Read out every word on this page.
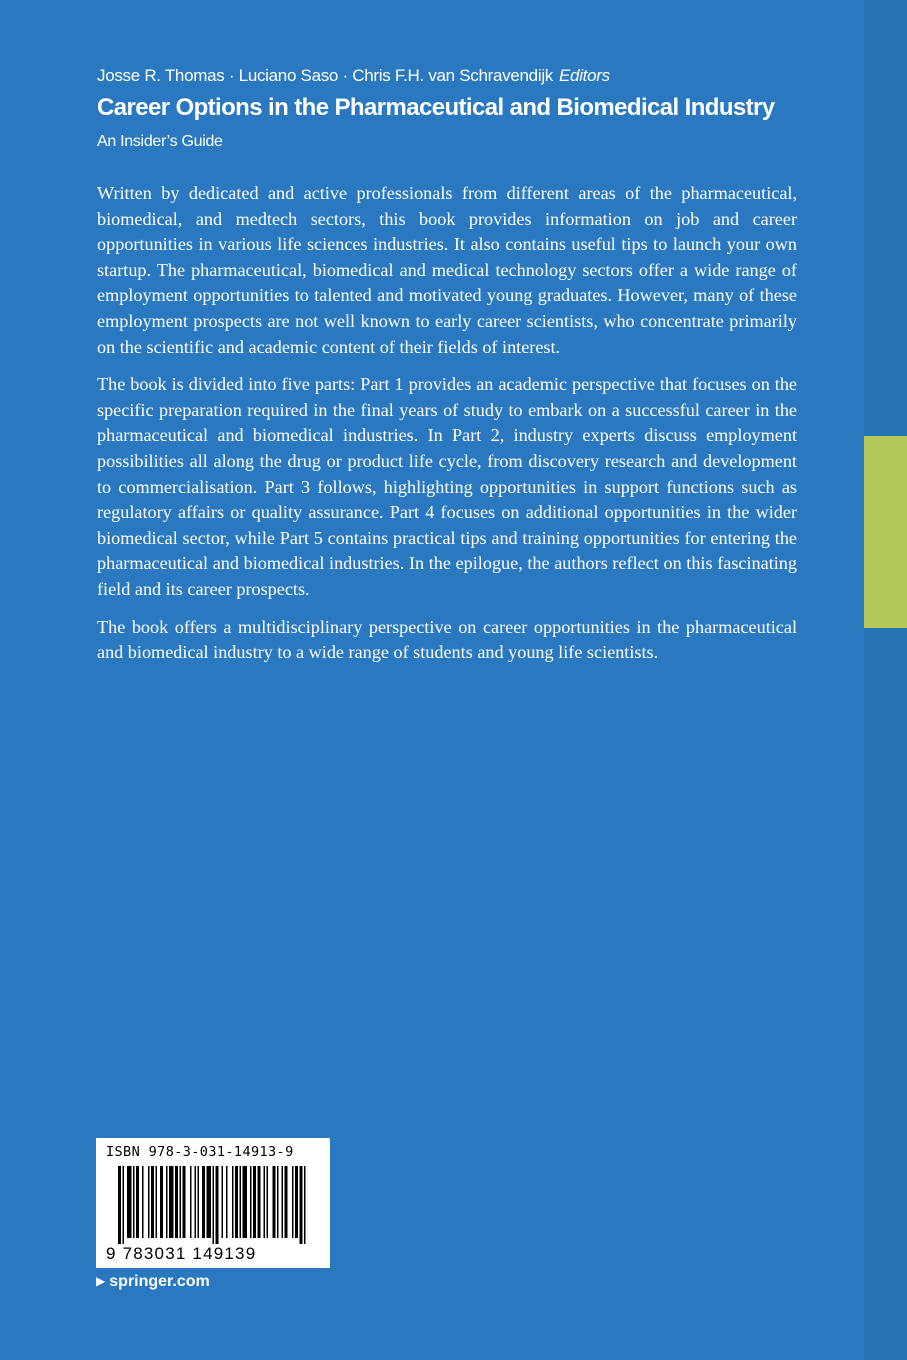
Josse R. Thomas · Luciano Saso · Chris F.H. van Schravendijk Editors
Career Options in the Pharmaceutical and Biomedical Industry
An Insider’s Guide

Written by dedicated and active professionals from different areas of the pharmaceutical, biomedical, and medtech sectors, this book provides information on job and career opportunities in various life sciences industries. It also contains useful tips to launch your own startup. The pharmaceutical, biomedical and medical technology sectors offer a wide range of employment opportunities to talented and motivated young graduates. However, many of these employment prospects are not well known to early career scientists, who concentrate primarily on the scientific and academic content of their fields of interest.

The book is divided into five parts: Part 1 provides an academic perspective that focuses on the specific preparation required in the final years of study to embark on a successful career in the pharmaceutical and biomedical industries. In Part 2, industry experts discuss employment possibilities all along the drug or product life cycle, from discovery research and development to commercialisation. Part 3 follows, highlighting opportunities in support functions such as regulatory affairs or quality assurance. Part 4 focuses on additional opportunities in the wider biomedical sector, while Part 5 contains practical tips and training opportunities for entering the pharmaceutical and biomedical industries. In the epilogue, the authors reflect on this fascinating field and its career prospects.

The book offers a multidisciplinary perspective on career opportunities in the pharmaceutical and biomedical industry to a wide range of students and young life scientists.

ISBN 978-3-031-14913-9
9 783031 149139
▶ springer.com
